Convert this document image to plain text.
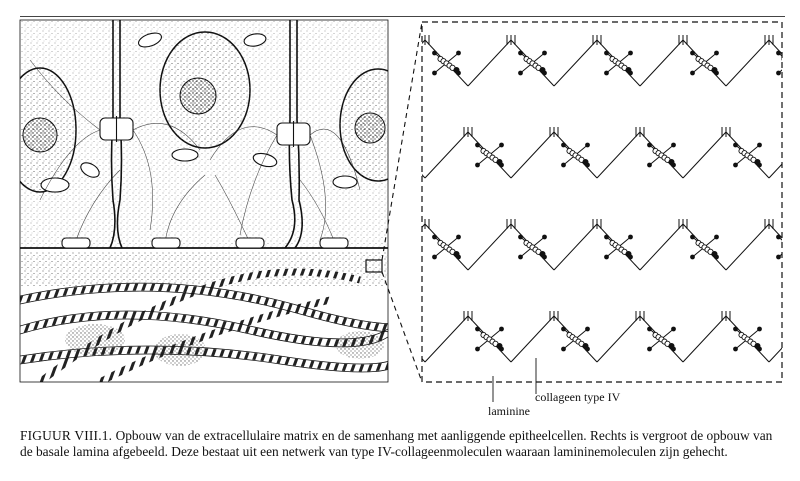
collageen type IV
laminine
FIGUUR VIII.1. Opbouw van de extracellulaire matrix en de samenhang met aanliggende epitheelcellen. Rechts is vergroot de opbouw van de basale lamina afgebeeld. Deze bestaat uit een netwerk van type IV-collageenmoleculen waaraan lamininemoleculen zijn gehecht.
